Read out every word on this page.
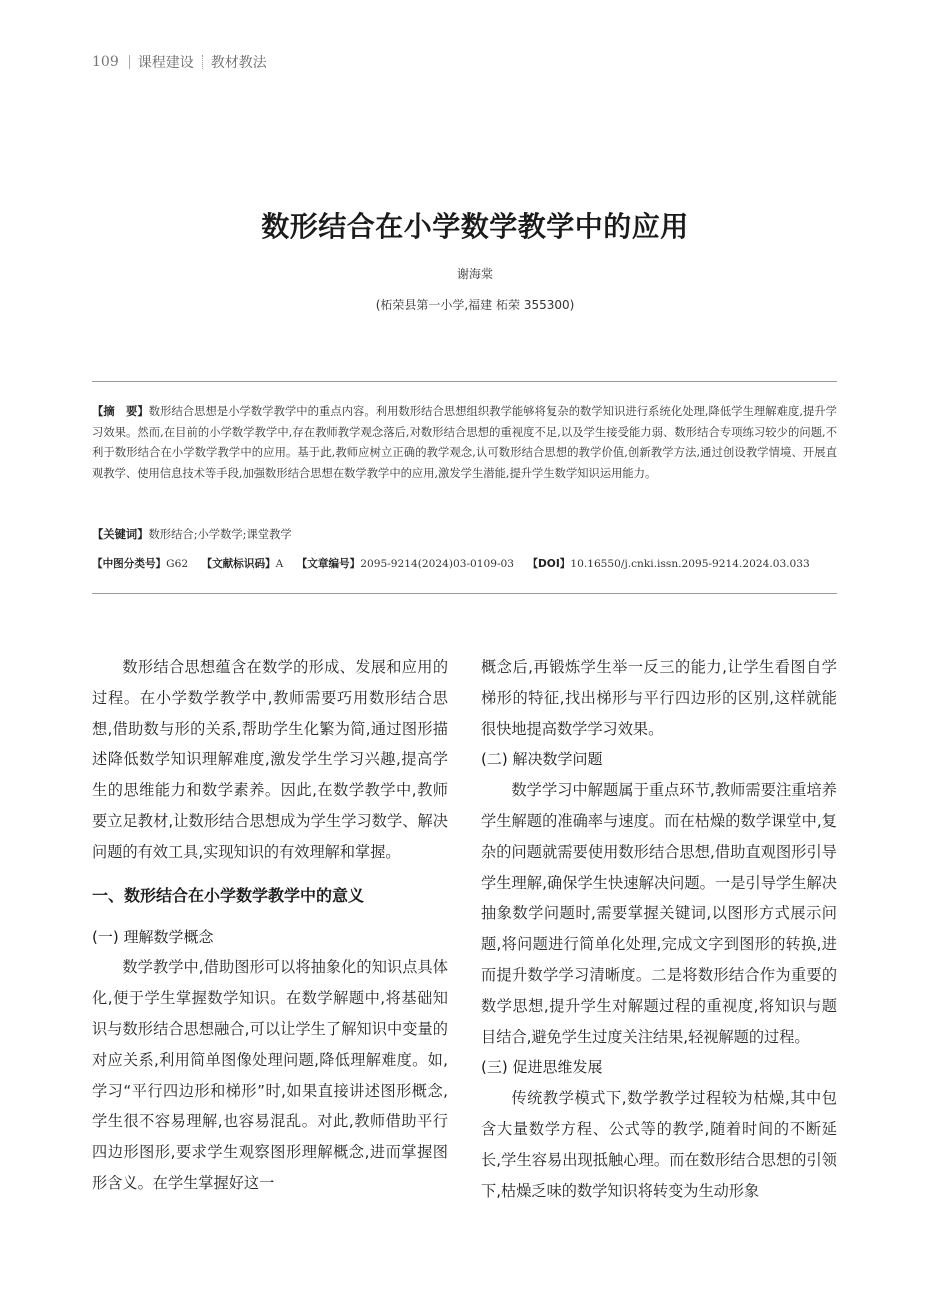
109 课程建设 教材教法
数形结合在小学数学教学中的应用
谢海棠
(柘荣县第一小学,福建 柘荣 355300)
【摘　要】数形结合思想是小学数学教学中的重点内容。利用数形结合思想组织教学能够将复杂的数学知识进行系统化处理,降低学生理解难度,提升学习效果。然而,在目前的小学数学教学中,存在教师教学观念落后,对数形结合思想的重视度不足,以及学生接受能力弱、数形结合专项练习较少的问题,不利于数形结合在小学数学教学中的应用。基于此,教师应树立正确的教学观念,认可数形结合思想的教学价值,创新教学方法,通过创设教学情境、开展直观教学、使用信息技术等手段,加强数形结合思想在数学教学中的应用,激发学生潜能,提升学生数学知识运用能力。
【关键词】数形结合;小学数学;课堂教学
【中图分类号】G62 【文献标识码】A 【文章编号】2095-9214(2024)03-0109-03 【DOI】10.16550/j.cnki.issn.2095-9214.2024.03.033

数形结合思想蕴含在数学的形成、发展和应用的过程。在小学数学教学中,教师需要巧用数形结合思想,借助数与形的关系,帮助学生化繁为简,通过图形描述降低数学知识理解难度,激发学生学习兴趣,提高学生的思维能力和数学素养。因此,在数学教学中,教师要立足教材,让数形结合思想成为学生学习数学、解决问题的有效工具,实现知识的有效理解和掌握。

一、数形结合在小学数学教学中的意义
(一) 理解数学概念

数学教学中,借助图形可以将抽象化的知识点具体化,便于学生掌握数学知识。在数学解题中,将基础知识与数形结合思想融合,可以让学生了解知识中变量的对应关系,利用简单图像处理问题,降低理解难度。如,学习“平行四边形和梯形”时,如果直接讲述图形概念,学生很不容易理解,也容易混乱。对此,教师借助平行四边形图形,要求学生观察图形理解概念,进而掌握图形含义。在学生掌握好这一

概念后,再锻炼学生举一反三的能力,让学生看图自学梯形的特征,找出梯形与平行四边形的区别,这样就能很快地提高数学学习效果。

(二) 解决数学问题

数学学习中解题属于重点环节,教师需要注重培养学生解题的准确率与速度。而在枯燥的数学课堂中,复杂的问题就需要使用数形结合思想,借助直观图形引导学生理解,确保学生快速解决问题。一是引导学生解决抽象数学问题时,需要掌握关键词,以图形方式展示问题,将问题进行简单化处理,完成文字到图形的转换,进而提升数学学习清晰度。二是将数形结合作为重要的数学思想,提升学生对解题过程的重视度,将知识与题目结合,避免学生过度关注结果,轻视解题的过程。

(三) 促进思维发展

传统教学模式下,数学教学过程较为枯燥,其中包含大量数学方程、公式等的教学,随着时间的不断延长,学生容易出现抵触心理。而在数形结合思想的引领下,枯燥乏味的数学知识将转变为生动形象
